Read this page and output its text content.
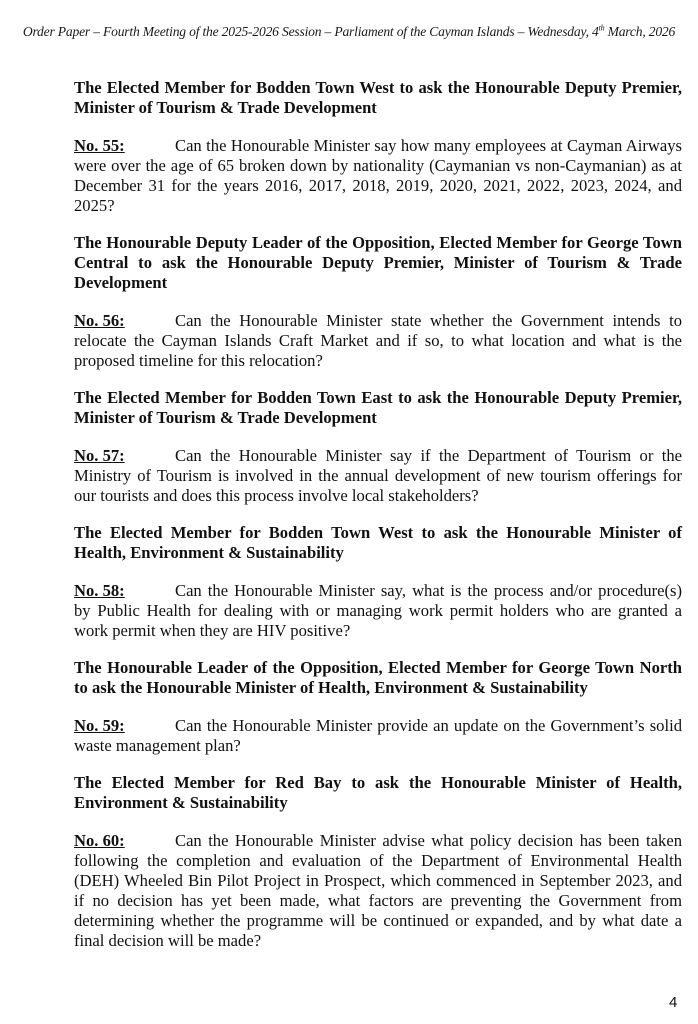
Order Paper – Fourth Meeting of the 2025-2026 Session – Parliament of the Cayman Islands – Wednesday, 4th March, 2026

The Elected Member for Bodden Town West to ask the Honourable Deputy Premier, Minister of Tourism & Trade Development

No. 55:	Can the Honourable Minister say how many employees at Cayman Airways were over the age of 65 broken down by nationality (Caymanian vs non-Caymanian) as at December 31 for the years 2016, 2017, 2018, 2019, 2020, 2021, 2022, 2023, 2024, and 2025?

The Honourable Deputy Leader of the Opposition, Elected Member for George Town Central to ask the Honourable Deputy Premier, Minister of Tourism & Trade Development

No. 56:	Can the Honourable Minister state whether the Government intends to relocate the Cayman Islands Craft Market and if so, to what location and what is the proposed timeline for this relocation?

The Elected Member for Bodden Town East to ask the Honourable Deputy Premier, Minister of Tourism & Trade Development

No. 57:	Can the Honourable Minister say if the Department of Tourism or the Ministry of Tourism is involved in the annual development of new tourism offerings for our tourists and does this process involve local stakeholders?

The Elected Member for Bodden Town West to ask the Honourable Minister of Health, Environment & Sustainability

No. 58:	Can the Honourable Minister say, what is the process and/or procedure(s) by Public Health for dealing with or managing work permit holders who are granted a work permit when they are HIV positive?

The Honourable Leader of the Opposition, Elected Member for George Town North to ask the Honourable Minister of Health, Environment & Sustainability

No. 59:	Can the Honourable Minister provide an update on the Government’s solid waste management plan?

The Elected Member for Red Bay to ask the Honourable Minister of Health, Environment & Sustainability

No. 60:	Can the Honourable Minister advise what policy decision has been taken following the completion and evaluation of the Department of Environmental Health (DEH) Wheeled Bin Pilot Project in Prospect, which commenced in September 2023, and if no decision has yet been made, what factors are preventing the Government from determining whether the programme will be continued or expanded, and by what date a final decision will be made?

4
